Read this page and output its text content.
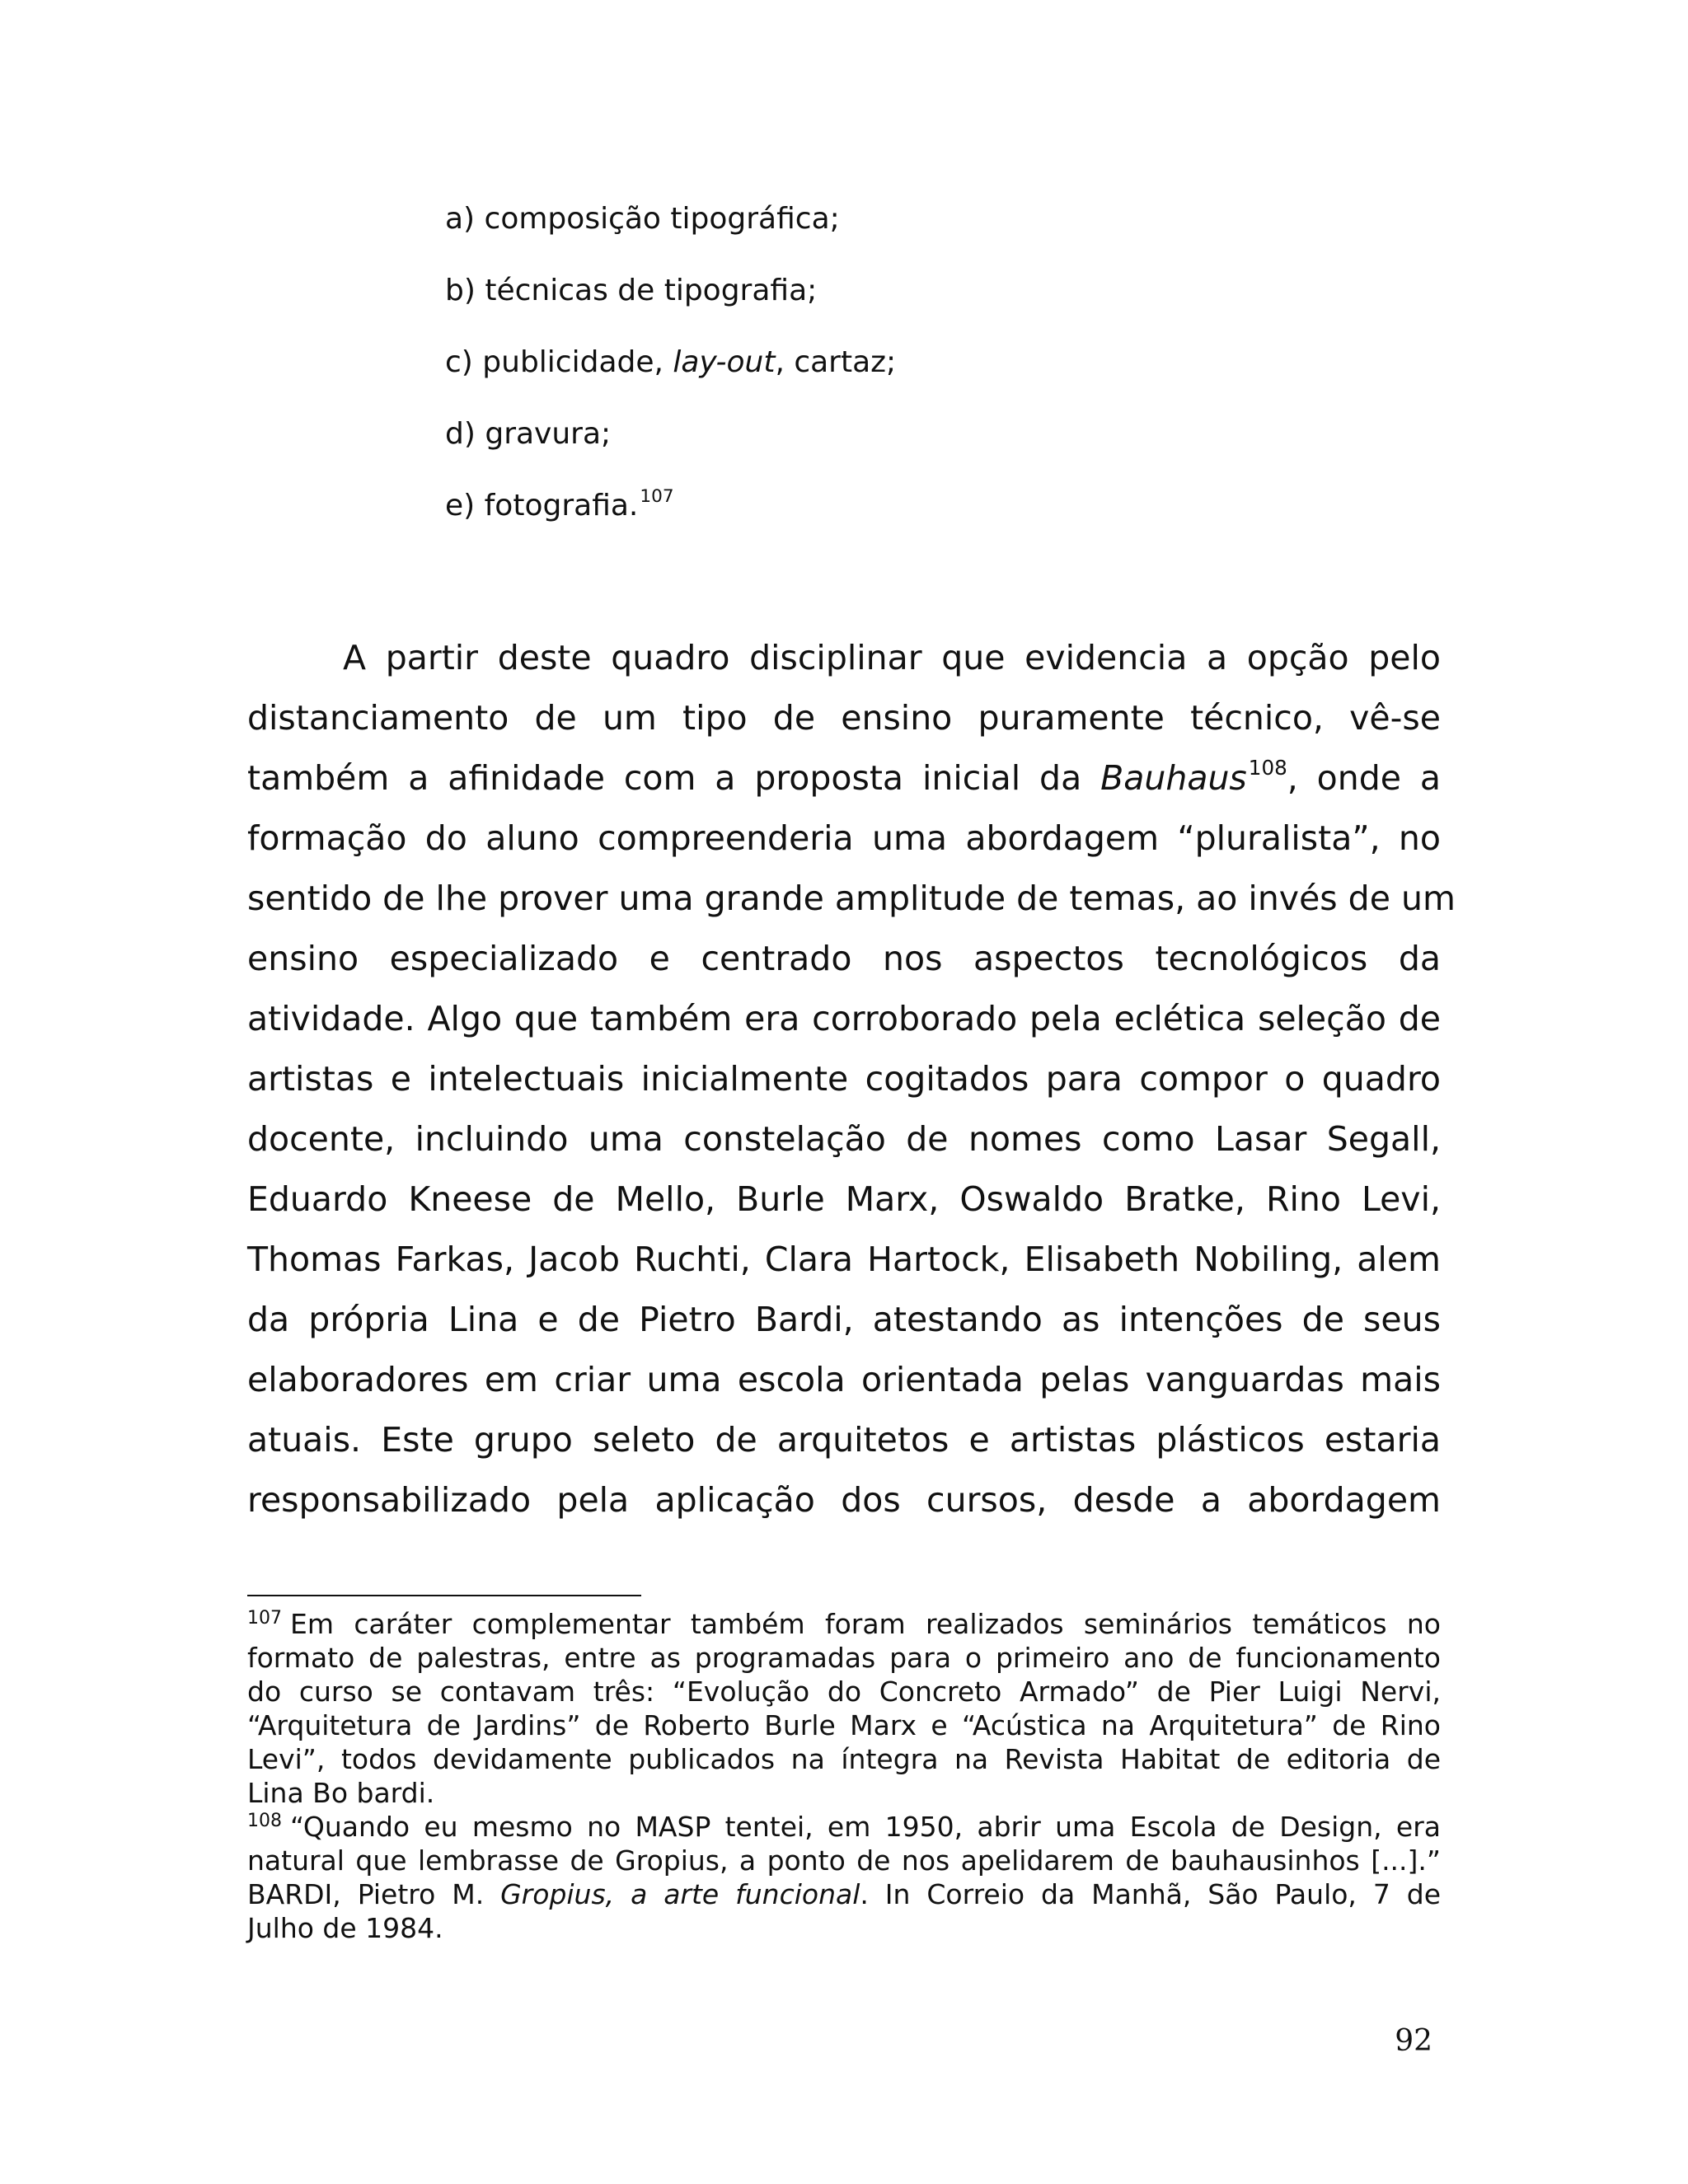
a) composição tipográfica;
b) técnicas de tipografia;
c) publicidade, lay-out, cartaz;
d) gravura;
e) fotografia.$^{107}$
A partir deste quadro disciplinar que evidencia a opção pelo
distanciamento de um tipo de ensino puramente técnico, vê-se
também a afinidade com a proposta inicial da Bauhaus$^{108}$, onde a
formação do aluno compreenderia uma abordagem “pluralista”, no
sentido de lhe prover uma grande amplitude de temas, ao invés de um
ensino especializado e centrado nos aspectos tecnológicos da
atividade. Algo que também era corroborado pela eclética seleção de
artistas e intelectuais inicialmente cogitados para compor o quadro
docente, incluindo uma constelação de nomes como Lasar Segall,
Eduardo Kneese de Mello, Burle Marx, Oswaldo Bratke, Rino Levi,
Thomas Farkas, Jacob Ruchti, Clara Hartock, Elisabeth Nobiling, alem
da própria Lina e de Pietro Bardi, atestando as intenções de seus
elaboradores em criar uma escola orientada pelas vanguardas mais
atuais. Este grupo seleto de arquitetos e artistas plásticos estaria
responsabilizado pela aplicação dos cursos, desde a abordagem
$^{107}$ Em caráter complementar também foram realizados seminários temáticos no
formato de palestras, entre as programadas para o primeiro ano de funcionamento
do curso se contavam três: “Evolução do Concreto Armado” de Pier Luigi Nervi,
“Arquitetura de Jardins” de Roberto Burle Marx e “Acústica na Arquitetura” de Rino
Levi”, todos devidamente publicados na íntegra na Revista Habitat de editoria de
Lina Bo bardi.
$^{108}$ “Quando eu mesmo no MASP tentei, em 1950, abrir uma Escola de Design, era
natural que lembrasse de Gropius, a ponto de nos apelidarem de bauhausinhos [...].”
BARDI, Pietro M. Gropius, a arte funcional. In Correio da Manhã, São Paulo, 7 de
Julho de 1984.
92
